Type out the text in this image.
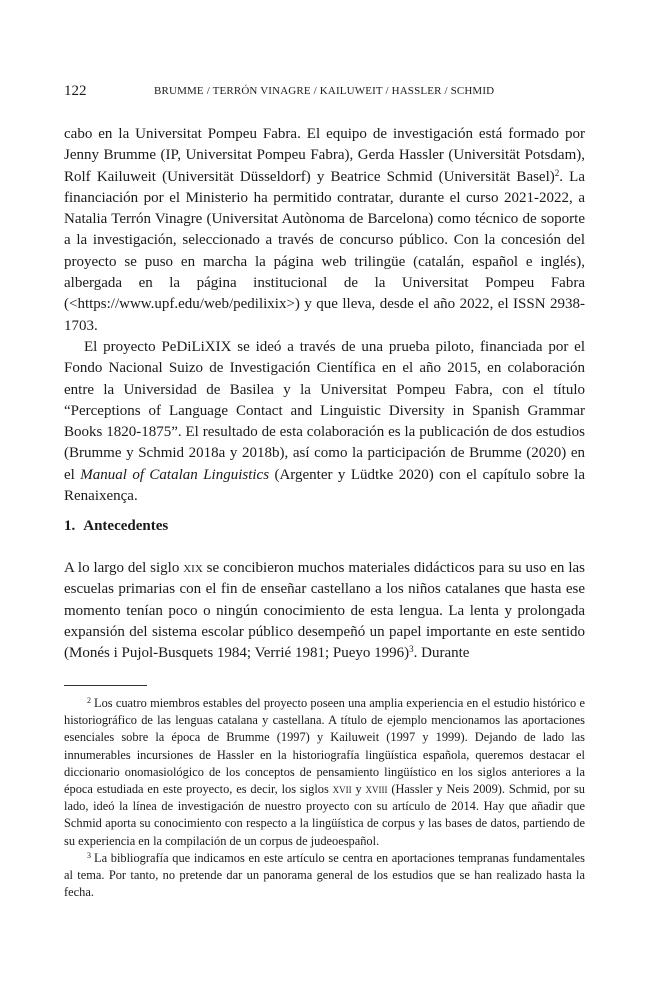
122	BRUMME / TERRÓN VINAGRE / KAILUWEIT / HASSLER / SCHMID

cabo en la Universitat Pompeu Fabra. El equipo de investigación está formado por Jenny Brumme (IP, Universitat Pompeu Fabra), Gerda Hassler (Universität Potsdam), Rolf Kailuweit (Universität Düsseldorf) y Beatrice Schmid (Universität Basel)$^2$. La financiación por el Ministerio ha permitido contratar, durante el curso 2021-2022, a Natalia Terrón Vinagre (Universitat Autònoma de Barcelona) como técnico de soporte a la investigación, seleccionado a través de concurso público. Con la concesión del proyecto se puso en marcha la página web trilingüe (catalán, español e inglés), albergada en la página institucional de la Universitat Pompeu Fabra (<https://www.upf.edu/web/pedilixix>) y que lleva, desde el año 2022, el ISSN 2938-1703.

El proyecto PeDiLiXIX se ideó a través de una prueba piloto, financiada por el Fondo Nacional Suizo de Investigación Científica en el año 2015, en colaboración entre la Universidad de Basilea y la Universitat Pompeu Fabra, con el título “Perceptions of Language Contact and Linguistic Diversity in Spanish Grammar Books 1820-1875”. El resultado de esta colaboración es la publicación de dos estudios (Brumme y Schmid 2018a y 2018b), así como la participación de Brumme (2020) en el Manual of Catalan Linguistics (Argenter y Lüdtke 2020) con el capítulo sobre la Renaixença.

1. Antecedentes
A lo largo del siglo xix se concibieron muchos materiales didácticos para su uso en las escuelas primarias con el fin de enseñar castellano a los niños catalanes que hasta ese momento tenían poco o ningún conocimiento de esta lengua. La lenta y prolongada expansión del sistema escolar público desempeñó un papel importante en este sentido (Monés i Pujol-Busquets 1984; Verrié 1981; Pueyo 1996)$^3$. Durante

$^2$ Los cuatro miembros estables del proyecto poseen una amplia experiencia en el estudio histórico e historiográfico de las lenguas catalana y castellana. A título de ejemplo mencionamos las aportaciones esenciales sobre la época de Brumme (1997) y Kailuweit (1997 y 1999). Dejando de lado las innumerables incursiones de Hassler en la historiografía lingüística española, queremos destacar el diccionario onomasiológico de los conceptos de pensamiento lingüístico en los siglos anteriores a la época estudiada en este proyecto, es decir, los siglos xvii y xviii (Hassler y Neis 2009). Schmid, por su lado, ideó la línea de investigación de nuestro proyecto con su artículo de 2014. Hay que añadir que Schmid aporta su conocimiento con respecto a la lingüística de corpus y las bases de datos, partiendo de su experiencia en la compilación de un corpus de judeoespañol.

$^3$ La bibliografía que indicamos en este artículo se centra en aportaciones tempranas fundamentales al tema. Por tanto, no pretende dar un panorama general de los estudios que se han realizado hasta la fecha.
